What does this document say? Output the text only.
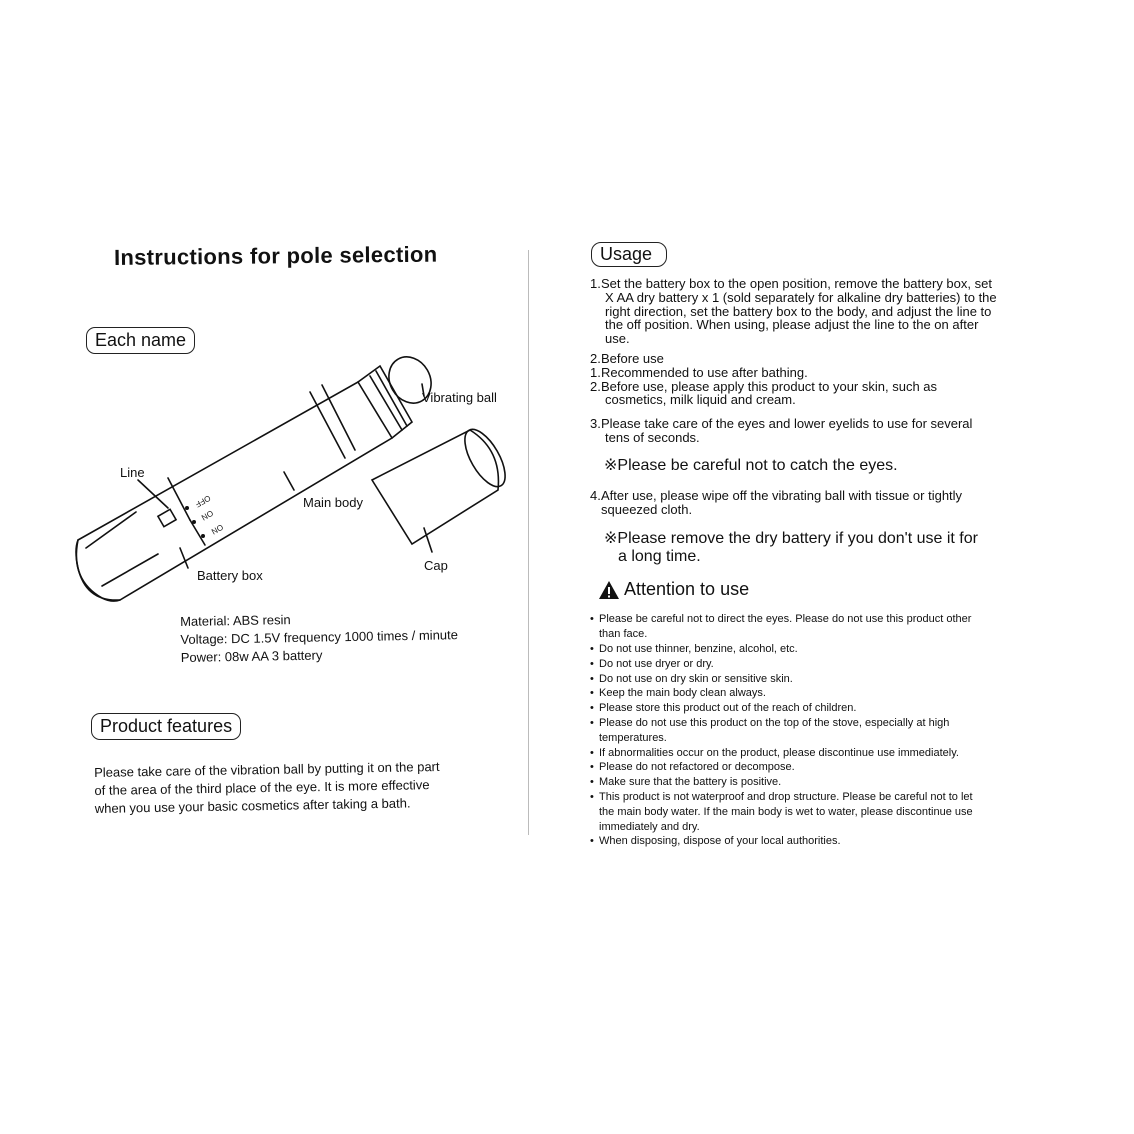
Instructions for pole selection
Each name
OFF
ON
ON
Vibrating ball
Line
Main body
Battery box
Cap
Material: ABS resin
Voltage: DC 1.5V frequency 1000 times / minute
Power: 08w AA 3 battery
Product features
Please take care of the vibration ball by putting it on the part
of the area of the third place of the eye. It is more effective
when you use your basic cosmetics after taking a bath.
Usage
1. Set the battery box to the open position, remove the battery box, set
X AA dry battery x 1 (sold separately for alkaline dry batteries) to the
right direction, set the battery box to the body, and adjust the line to
the off position. When using, please adjust the line to the on after
use.
2. Before use
1. Recommended to use after bathing.
2. Before use, please apply this product to your skin, such as
cosmetics, milk liquid and cream.
3. Please take care of the eyes and lower eyelids to use for several
tens of seconds.
※Please be careful not to catch the eyes.
4. After use, please wipe off the vibrating ball with tissue or tightly
squeezed cloth.
※Please remove the dry battery if you don't use it for
a long time.
Attention to use
• Please be careful not to direct the eyes. Please do not use this product other
than face.
• Do not use thinner, benzine, alcohol, etc.
• Do not use dryer or dry.
• Do not use on dry skin or sensitive skin.
• Keep the main body clean always.
• Please store this product out of the reach of children.
• Please do not use this product on the top of the stove, especially at high
temperatures.
• If abnormalities occur on the product, please discontinue use immediately.
• Please do not refactored or decompose.
• Make sure that the battery is positive.
• This product is not waterproof and drop structure. Please be careful not to let
the main body water. If the main body is wet to water, please discontinue use
immediately and dry.
• When disposing, dispose of your local authorities.
